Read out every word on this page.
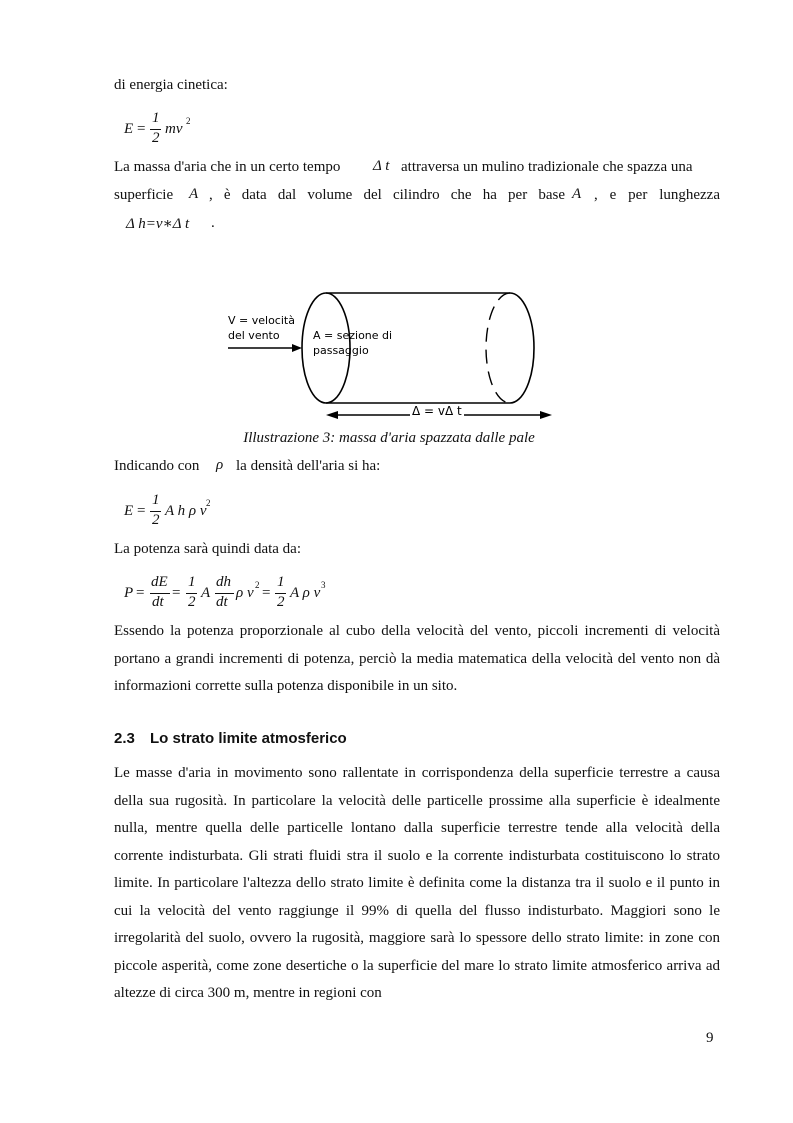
di energia cinetica:
E =
1
2
mv 2
La massa d'aria che in un certo tempo Δ t attraversa un mulino tradizionale che spazza una
superficie A , è data dal volume del cilindro che ha per base A , e per lunghezza
Δ h=v∗Δ t .
V = velocità
del vento	A = sezione di
passaggio
Δ = vΔ t
Illustrazione 3: massa d'aria spazzata dalle pale
Indicando con ρ la densità dell'aria si ha:
E =
1
2
A h ρ v 2
La potenza sarà quindi data da:
P =
dE
dt
=
1
2
A
dh
dt
ρ v 2 =
1
2
A ρ v 3

Essendo la potenza proporzionale al cubo della velocità del vento, piccoli incrementi di velocità portano a grandi incrementi di potenza, perciò la media matematica della velocità del vento non dà informazioni corrette sulla potenza disponibile in un sito.

2.3 Lo strato limite atmosferico

Le masse d'aria in movimento sono rallentate in corrispondenza della superficie terrestre a causa della sua rugosità. In particolare la velocità delle particelle prossime alla superficie è idealmente nulla, mentre quella delle particelle lontano dalla superficie terrestre tende alla velocità della corrente indisturbata. Gli strati fluidi stra il suolo e la corrente indisturbata costituiscono lo strato limite. In particolare l'altezza dello strato limite è definita come la distanza tra il suolo e il punto in cui la velocità del vento raggiunge il 99% di quella del flusso indisturbato. Maggiori sono le irregolarità del suolo, ovvero la rugosità, maggiore sarà lo spessore dello strato limite: in zone con piccole asperità, come zone desertiche o la superficie del mare lo strato limite atmosferico arriva ad altezze di circa 300 m, mentre in regioni con

9
